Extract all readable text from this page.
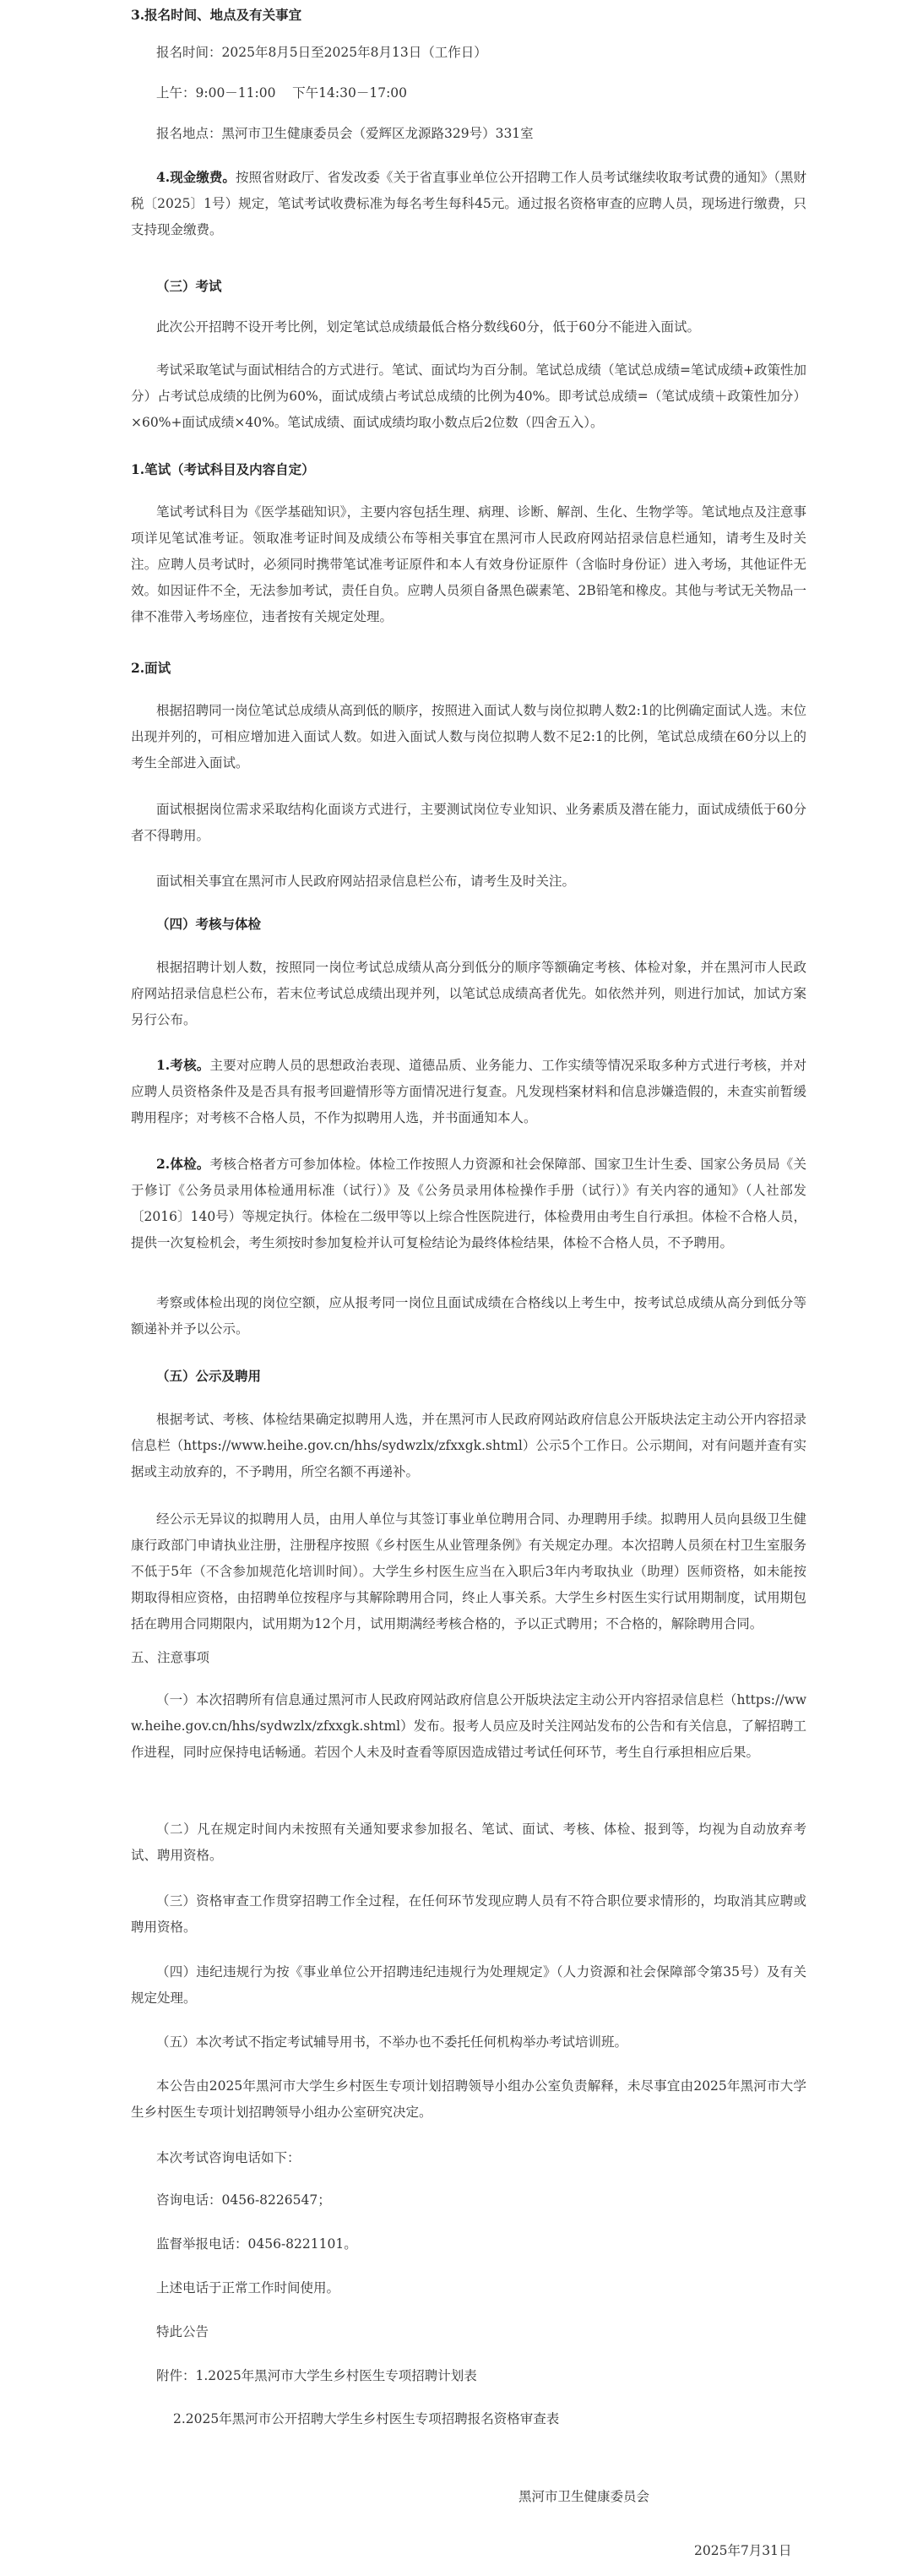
3.报名时间、地点及有关事宜
报名时间：2025年8月5日至2025年8月13日（工作日）
上午：9:00－11:00    下午14:30－17:00
报名地点：黑河市卫生健康委员会（爱辉区龙源路329号）331室
4.现金缴费。按照省财政厅、省发改委《关于省直事业单位公开招聘工作人员考试继续收取考试费的通知》（黑财税〔2025〕1号）规定，笔试考试收费标准为每名考生每科45元。通过报名资格审查的应聘人员，现场进行缴费，只支持现金缴费。
（三）考试
此次公开招聘不设开考比例，划定笔试总成绩最低合格分数线60分，低于60分不能进入面试。
考试采取笔试与面试相结合的方式进行。笔试、面试均为百分制。笔试总成绩（笔试总成绩=笔试成绩+政策性加分）占考试总成绩的比例为60%，面试成绩占考试总成绩的比例为40%。即考试总成绩=（笔试成绩＋政策性加分）×60%+面试成绩×40%。笔试成绩、面试成绩均取小数点后2位数（四舍五入）。
1.笔试（考试科目及内容自定）
笔试考试科目为《医学基础知识》，主要内容包括生理、病理、诊断、解剖、生化、生物学等。笔试地点及注意事项详见笔试准考证。领取准考证时间及成绩公布等相关事宜在黑河市人民政府网站招录信息栏通知，请考生及时关注。应聘人员考试时，必须同时携带笔试准考证原件和本人有效身份证原件（含临时身份证）进入考场，其他证件无效。如因证件不全，无法参加考试，责任自负。应聘人员须自备黑色碳素笔、2B铅笔和橡皮。其他与考试无关物品一律不准带入考场座位，违者按有关规定处理。
2.面试
根据招聘同一岗位笔试总成绩从高到低的顺序，按照进入面试人数与岗位拟聘人数2:1的比例确定面试人选。末位出现并列的，可相应增加进入面试人数。如进入面试人数与岗位拟聘人数不足2:1的比例，笔试总成绩在60分以上的考生全部进入面试。
面试根据岗位需求采取结构化面谈方式进行，主要测试岗位专业知识、业务素质及潜在能力，面试成绩低于60分者不得聘用。
面试相关事宜在黑河市人民政府网站招录信息栏公布，请考生及时关注。
（四）考核与体检
根据招聘计划人数，按照同一岗位考试总成绩从高分到低分的顺序等额确定考核、体检对象，并在黑河市人民政府网站招录信息栏公布，若末位考试总成绩出现并列，以笔试总成绩高者优先。如依然并列，则进行加试，加试方案另行公布。
1.考核。主要对应聘人员的思想政治表现、道德品质、业务能力、工作实绩等情况采取多种方式进行考核，并对应聘人员资格条件及是否具有报考回避情形等方面情况进行复查。凡发现档案材料和信息涉嫌造假的，未查实前暂缓聘用程序；对考核不合格人员，不作为拟聘用人选，并书面通知本人。
2.体检。考核合格者方可参加体检。体检工作按照人力资源和社会保障部、国家卫生计生委、国家公务员局《关于修订《公务员录用体检通用标准（试行）》及《公务员录用体检操作手册（试行）》有关内容的通知》（人社部发〔2016〕140号）等规定执行。体检在二级甲等以上综合性医院进行，体检费用由考生自行承担。体检不合格人员，提供一次复检机会，考生须按时参加复检并认可复检结论为最终体检结果，体检不合格人员，不予聘用。
考察或体检出现的岗位空额，应从报考同一岗位且面试成绩在合格线以上考生中，按考试总成绩从高分到低分等额递补并予以公示。
（五）公示及聘用
根据考试、考核、体检结果确定拟聘用人选，并在黑河市人民政府网站政府信息公开版块法定主动公开内容招录信息栏（https://www.heihe.gov.cn/hhs/sydwzlx/zfxxgk.shtml）公示5个工作日。公示期间，对有问题并查有实据或主动放弃的，不予聘用，所空名额不再递补。
经公示无异议的拟聘用人员，由用人单位与其签订事业单位聘用合同、办理聘用手续。拟聘用人员向县级卫生健康行政部门申请执业注册，注册程序按照《乡村医生从业管理条例》有关规定办理。本次招聘人员须在村卫生室服务不低于5年（不含参加规范化培训时间）。大学生乡村医生应当在入职后3年内考取执业（助理）医师资格，如未能按期取得相应资格，由招聘单位按程序与其解除聘用合同，终止人事关系。大学生乡村医生实行试用期制度，试用期包括在聘用合同期限内，试用期为12个月，试用期满经考核合格的，予以正式聘用；不合格的，解除聘用合同。
五、注意事项
（一）本次招聘所有信息通过黑河市人民政府网站政府信息公开版块法定主动公开内容招录信息栏（https://www.heihe.gov.cn/hhs/sydwzlx/zfxxgk.shtml）发布。报考人员应及时关注网站发布的公告和有关信息，了解招聘工作进程，同时应保持电话畅通。若因个人未及时查看等原因造成错过考试任何环节，考生自行承担相应后果。
（二）凡在规定时间内未按照有关通知要求参加报名、笔试、面试、考核、体检、报到等，均视为自动放弃考试、聘用资格。
（三）资格审查工作贯穿招聘工作全过程，在任何环节发现应聘人员有不符合职位要求情形的，均取消其应聘或聘用资格。
（四）违纪违规行为按《事业单位公开招聘违纪违规行为处理规定》（人力资源和社会保障部令第35号）及有关规定处理。
（五）本次考试不指定考试辅导用书，不举办也不委托任何机构举办考试培训班。
本公告由2025年黑河市大学生乡村医生专项计划招聘领导小组办公室负责解释，未尽事宜由2025年黑河市大学生乡村医生专项计划招聘领导小组办公室研究决定。
本次考试咨询电话如下：
咨询电话：0456-8226547；
监督举报电话：0456-8221101。
上述电话于正常工作时间使用。
特此公告
附件：1.2025年黑河市大学生乡村医生专项招聘计划表
2.2025年黑河市公开招聘大学生乡村医生专项招聘报名资格审查表
黑河市卫生健康委员会
2025年7月31日
